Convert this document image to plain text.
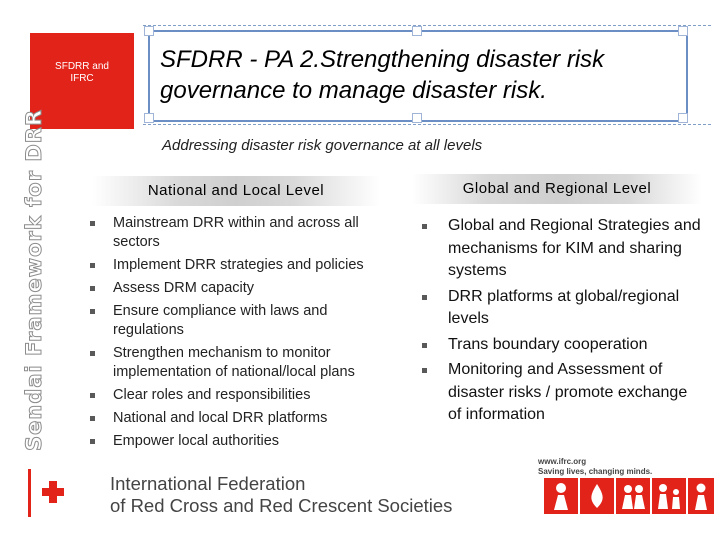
SFDRR and
IFRC
Sendai Framework for DRR
SFDRR - PA 2.Strengthening disaster risk governance to manage disaster risk.
Addressing disaster risk governance at all levels
National and Local Level	Global and Regional Level
Mainstream DRR within and across all sectors
Implement DRR strategies and policies
Assess DRM capacity
Ensure compliance with laws and regulations
Strengthen mechanism to monitor implementation of national/local plans
Clear roles and responsibilities
National and local DRR platforms
Empower local authorities
Global and Regional Strategies and mechanisms for KIM and sharing systems
DRR platforms at global/regional levels
Trans boundary cooperation
Monitoring and Assessment of disaster risks / promote exchange of information
International Federation
of Red Cross and Red Crescent Societies
www.ifrc.org
Saving lives, changing minds.
